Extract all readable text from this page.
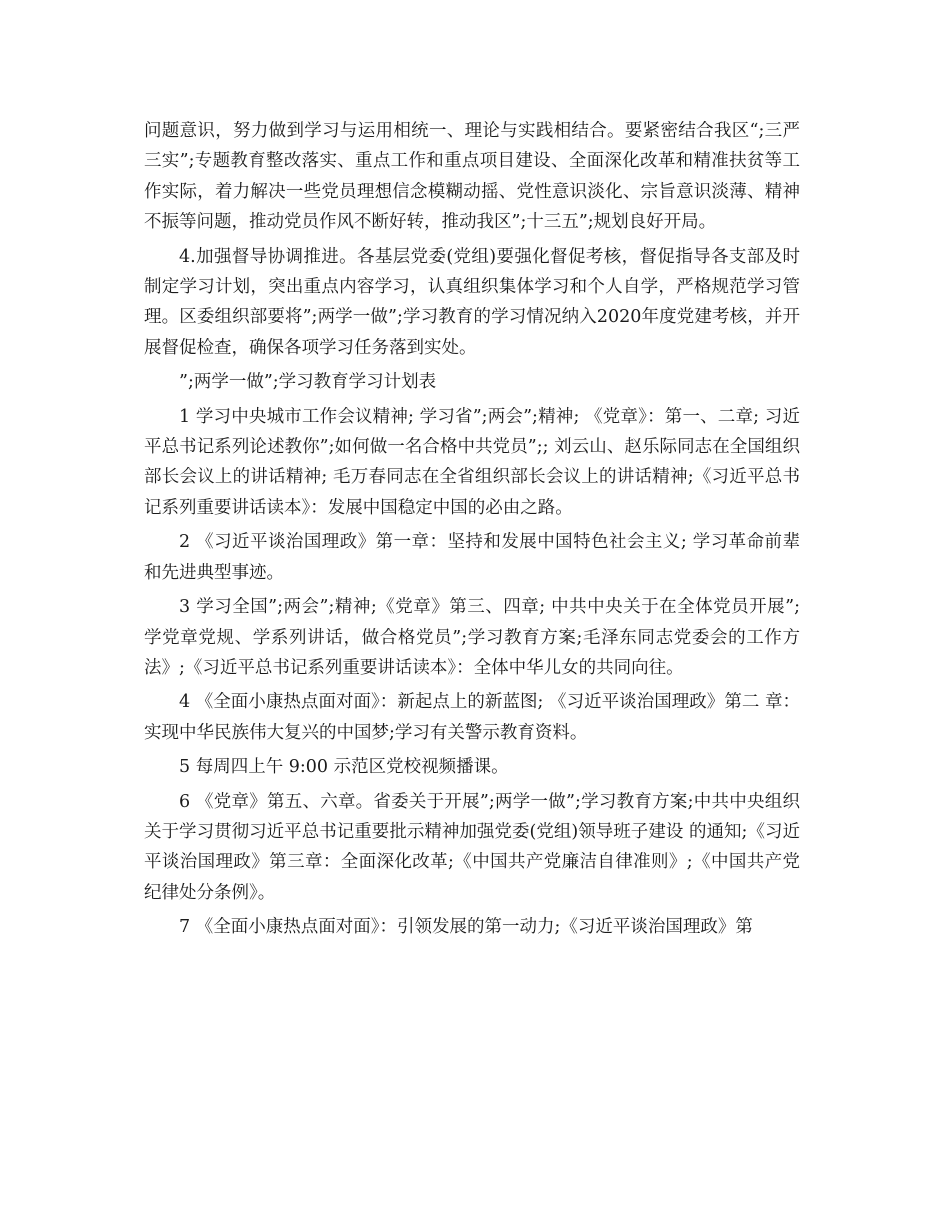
问题意识，努力做到学习与运用相统一、理论与实践相结合。要紧密结合我区“;三严三实”;专题教育整改落实、重点工作和重点项目建设、全面深化改革和精准扶贫等工作实际，着力解决一些党员理想信念模糊动摇、党性意识淡化、宗旨意识淡薄、精神不振等问题，推动党员作风不断好转，推动我区”;十三五”;规划良好开局。

4.加强督导协调推进。各基层党委(党组)要强化督促考核，督促指导各支部及时制定学习计划，突出重点内容学习，认真组织集体学习和个人自学，严格规范学习管理。区委组织部要将”;两学一做”;学习教育的学习情况纳入2020年度党建考核，并开展督促检查，确保各项学习任务落到实处。

”;两学一做”;学习教育学习计划表

1 学习中央城市工作会议精神; 学习省”;两会”;精神; 《党章》：第一、二章; 习近平总书记系列论述教你”;如何做一名合格中共党员”;; 刘云山、赵乐际同志在全国组织部长会议上的讲话精神; 毛万春同志在全省组织部长会议上的讲话精神;《习近平总书记系列重要讲话读本》：发展中国稳定中国的必由之路。

2 《习近平谈治国理政》第一章：坚持和发展中国特色社会主义; 学习革命前辈和先进典型事迹。

3 学习全国”;两会”;精神;《党章》第三、四章; 中共中央关于在全体党员开展”;学党章党规、学系列讲话，做合格党员”;学习教育方案;毛泽东同志党委会的工作方法》;《习近平总书记系列重要讲话读本》：全体中华儿女的共同向往。

4 《全面小康热点面对面》：新起点上的新蓝图; 《习近平谈治国理政》第二 章：实现中华民族伟大复兴的中国梦;学习有关警示教育资料。

5 每周四上午 9:00 示范区党校视频播课。

6 《党章》第五、六章。省委关于开展”;两学一做”;学习教育方案;中共中央组织关于学习贯彻习近平总书记重要批示精神加强党委(党组)领导班子建设 的通知;《习近平谈治国理政》第三章：全面深化改革;《中国共产党廉洁自律准则》;《中国共产党纪律处分条例》。

7 《全面小康热点面对面》：引领发展的第一动力;《习近平谈治国理政》第
